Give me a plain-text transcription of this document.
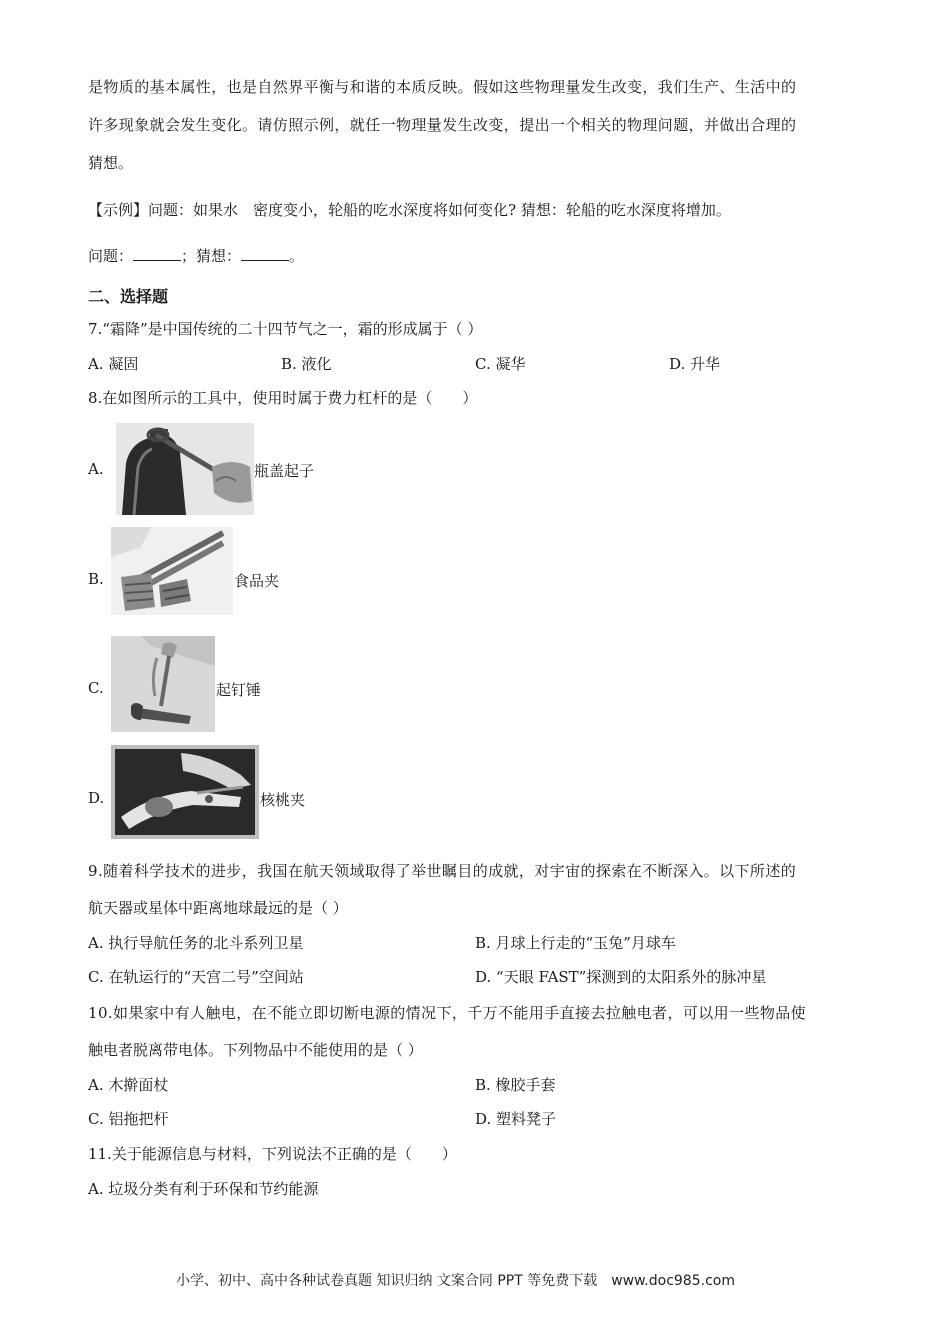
是物质的基本属性，也是自然界平衡与和谐的本质反映。假如这些物理量发生改变，我们生产、生活中的
许多现象就会发生变化。请仿照示例，就任一物理量发生改变，提出一个相关的物理问题，并做出合理的
猜想。
【示例】问题：如果水　密度变小，轮船的吃水深度将如何变化? 猜想：轮船的吃水深度将增加。
问题：	；猜想：	。
二、选择题
7.“霜降”是中国传统的二十四节气之一，霜的形成属于（ ）
A. 凝固	B. 液化	C. 凝华	D. 升华
8.在如图所示的工具中，使用时属于费力杠杆的是（　　）
A.	瓶盖起子
B.	食品夹
C.	起钉锤
D.	核桃夹
9.随着科学技术的进步，我国在航天领域取得了举世瞩目的成就，对宇宙的探索在不断深入。以下所述的
航天器或星体中距离地球最远的是（ ）
A. 执行导航任务的北斗系列卫星	B. 月球上行走的“玉兔”月球车
C. 在轨运行的“天宫二号”空间站	D. “天眼 FAST”探测到的太阳系外的脉冲星
10.如果家中有人触电，在不能立即切断电源的情况下，千万不能用手直接去拉触电者，可以用一些物品使
触电者脱离带电体。下列物品中不能使用的是（ ）
A. 木擀面杖	B. 橡胶手套
C. 铝拖把杆	D. 塑料凳子
11.关于能源信息与材料，下列说法不正确的是（　　）
A. 垃圾分类有利于环保和节约能源
小学、初中、高中各种试卷真题 知识归纳 文案合同 PPT 等免费下载　www.doc985.com
